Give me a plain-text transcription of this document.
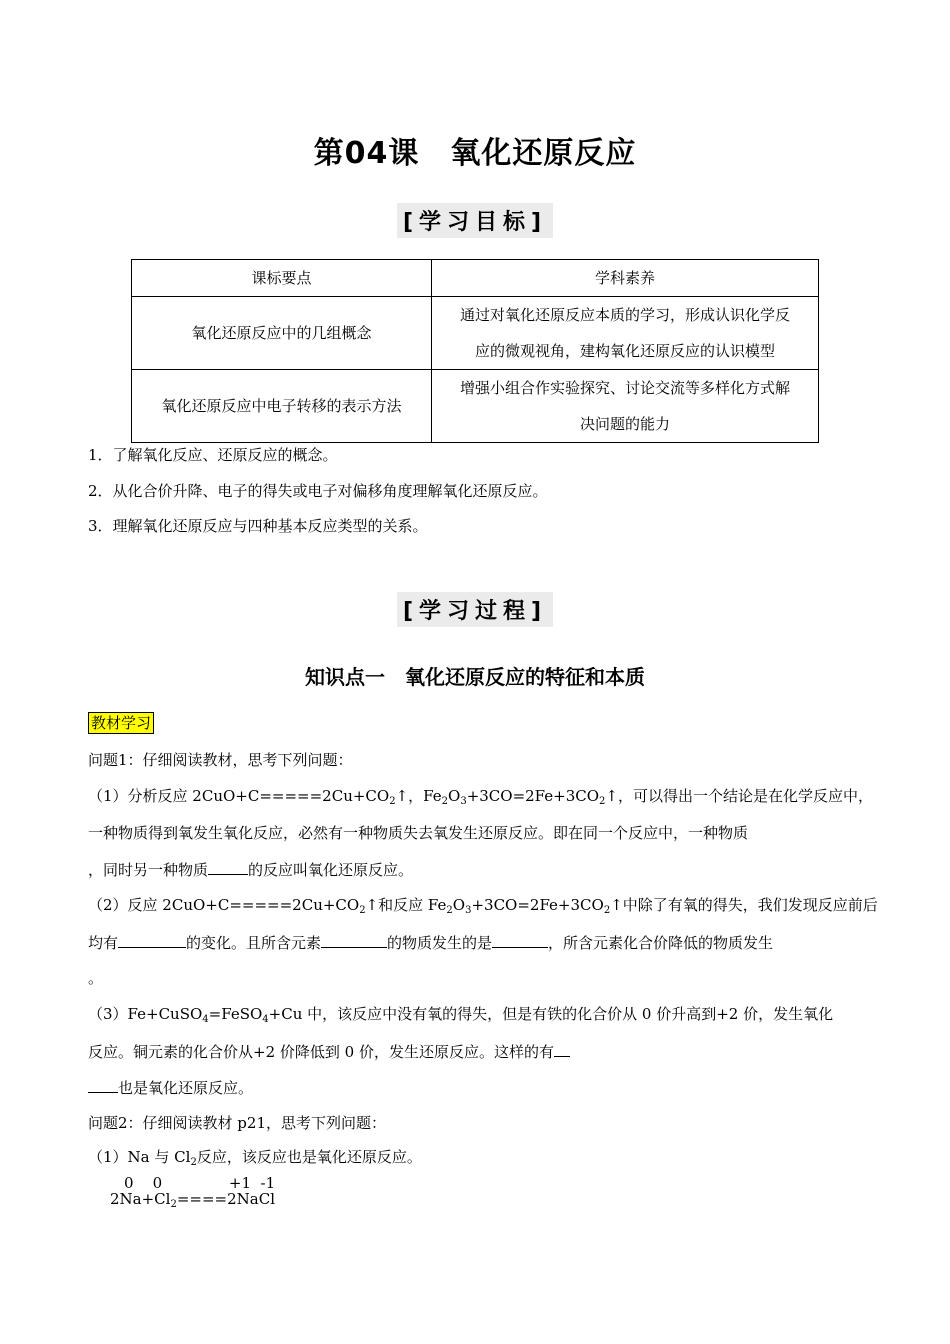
第04课　氧化还原反应
[学习目标]
课标要点	学科素养
氧化还原反应中的几组概念	通过对氧化还原反应本质的学习，形成认识化学反
应的微观视角，建构氧化还原反应的认识模型

氧化还原反应中电子转移的表示方法	增强小组合作实验探究、讨论交流等多样化方式解
决问题的能力
1．了解氧化反应、还原反应的概念。
2．从化合价升降、电子的得失或电子对偏移角度理解氧化还原反应。
3．理解氧化还原反应与四种基本反应类型的关系。
[学习过程]
知识点一　氧化还原反应的特征和本质
教材学习
问题1：仔细阅读教材，思考下列问题：
（1）分析反应 $2CuO+C=====2Cu+CO_2↑$，$Fe_2O_3+3CO=2Fe+3CO_2↑$，可以得出一个结论是在化学反应中，
一种物质得到氧发生氧化反应，必然有一种物质失去氧发生还原反应。即在同一个反应中，一种物质
，同时另一种物质	的反应叫氧化还原反应。
（2）反应 $2CuO+C=====2Cu+CO_2↑$和反应 $Fe_2O_3+3CO=2Fe+3CO_2↑$中除了有氧的得失，我们发现反应前后
均有	的变化。且所含元素	的物质发生的是	，所含元素化合价降低的物质发生
。
（3）Fe+CuSO$_4$=FeSO$_4$+Cu 中，该反应中没有氧的得失，但是有铁的化合价从 0 价升高到+2 价，发生氧化
反应。铜元素的化合价从+2 价降低到 0 价，发生还原反应。这样的有
也是氧化还原反应。
问题2：仔细阅读教材 p21，思考下列问题：
（1）Na 与 $Cl_2$反应，该反应也是氧化还原反应。
0    0              +1  -1
$2Na+Cl_2====2NaCl$
